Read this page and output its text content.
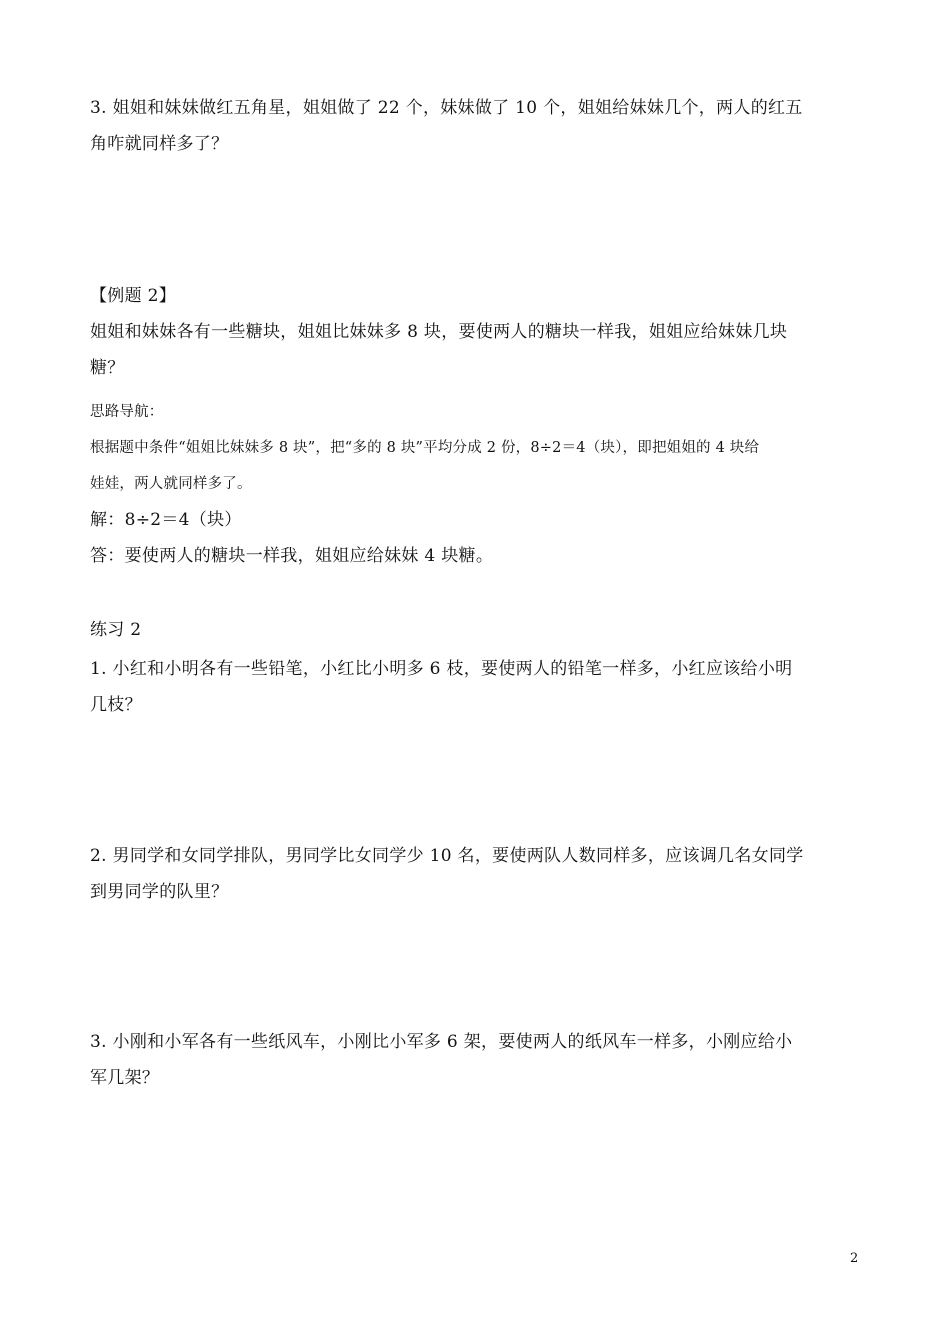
3. 姐姐和妹妹做红五角星，姐姐做了 22 个，妹妹做了 10 个，姐姐给妹妹几个，两人的红五
角咋就同样多了？
【例题 2】
姐姐和妹妹各有一些糖块，姐姐比妹妹多 8 块，要使两人的糖块一样我，姐姐应给妹妹几块
糖？
思路导航：
根据题中条件“姐姐比妹妹多 8 块”，把“多的 8 块”平均分成 2 份，8÷2＝4（块），即把姐姐的 4 块给
娃娃，两人就同样多了。
解：8÷2＝4（块）
答：要使两人的糖块一样我，姐姐应给妹妹 4 块糖。
练习 2
1. 小红和小明各有一些铅笔，小红比小明多 6 枝，要使两人的铅笔一样多，小红应该给小明
几枝？
2. 男同学和女同学排队，男同学比女同学少 10 名，要使两队人数同样多，应该调几名女同学
到男同学的队里？
3. 小刚和小军各有一些纸风车，小刚比小军多 6 架，要使两人的纸风车一样多，小刚应给小
军几架？
2
